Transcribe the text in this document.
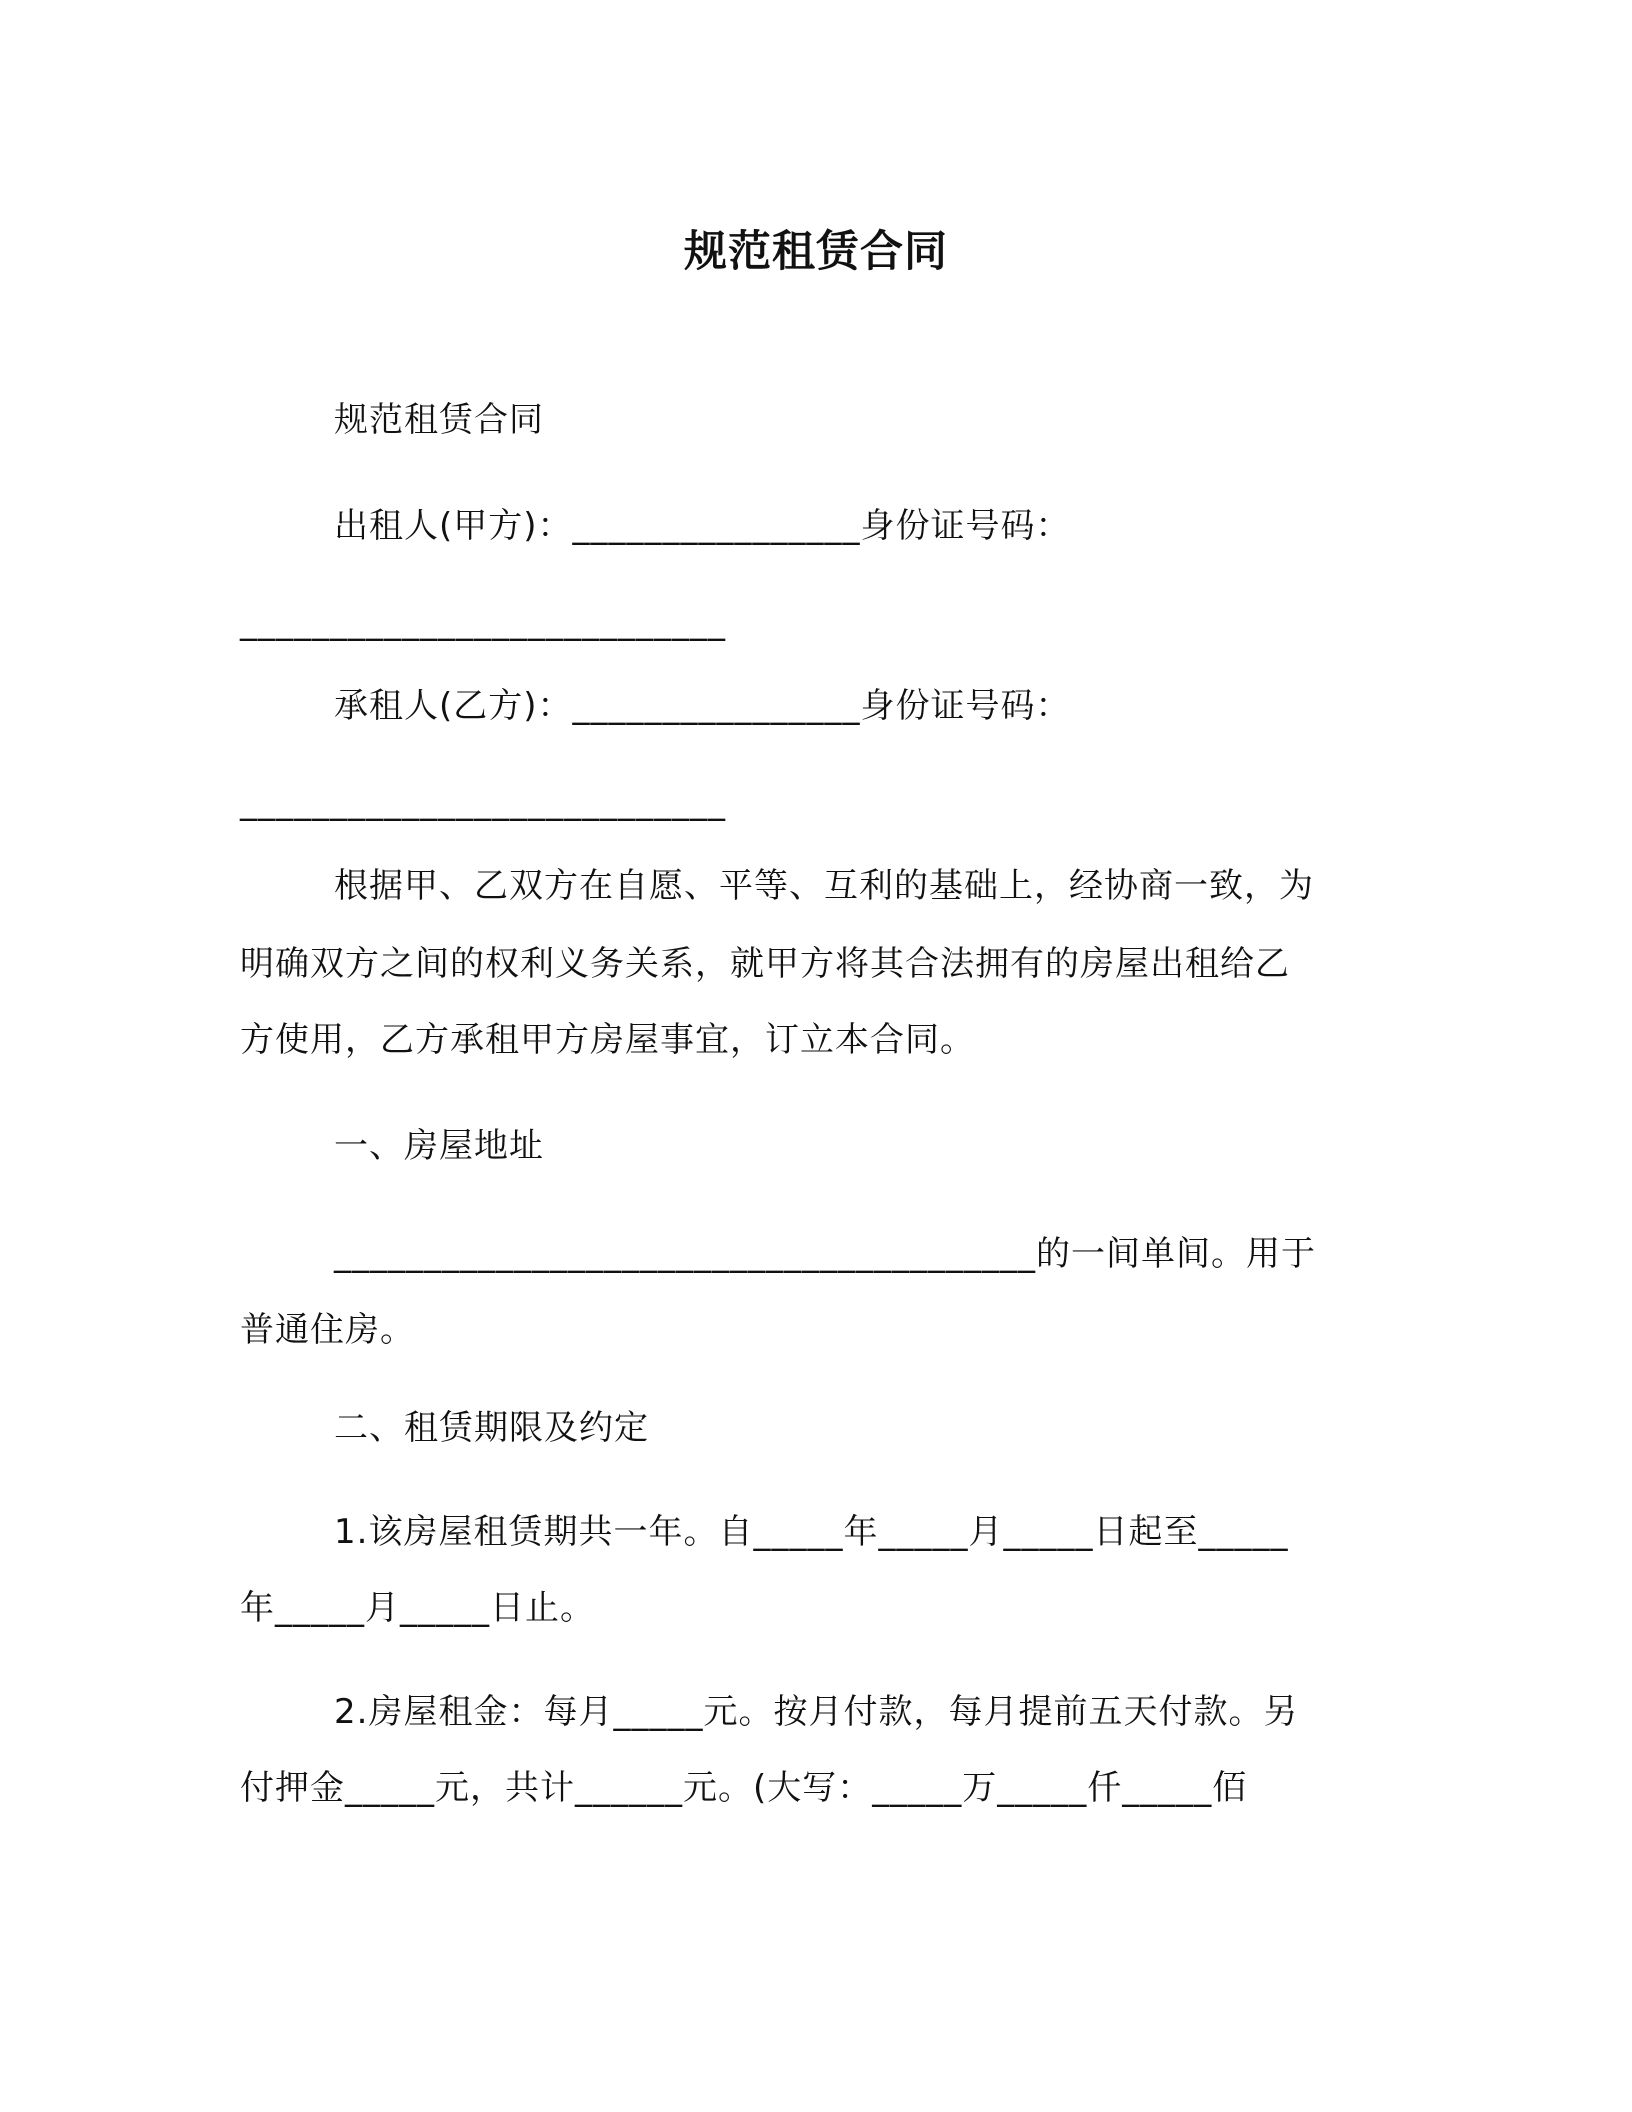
规范租赁合同
规范租赁合同
出租人(甲方)：________________身份证号码：
___________________________
承租人(乙方)：________________身份证号码：
___________________________
根据甲、乙双方在自愿、平等、互利的基础上，经协商一致，为
明确双方之间的权利义务关系，就甲方将其合法拥有的房屋出租给乙
方使用，乙方承租甲方房屋事宜，订立本合同。
一、房屋地址
_______________________________________的一间单间。用于
普通住房。
二、租赁期限及约定
1.该房屋租赁期共一年。自_____年_____月_____日起至_____
年_____月_____日止。
2.房屋租金：每月_____元。按月付款，每月提前五天付款。另
付押金_____元，共计______元。(大写：_____万_____仟_____佰
